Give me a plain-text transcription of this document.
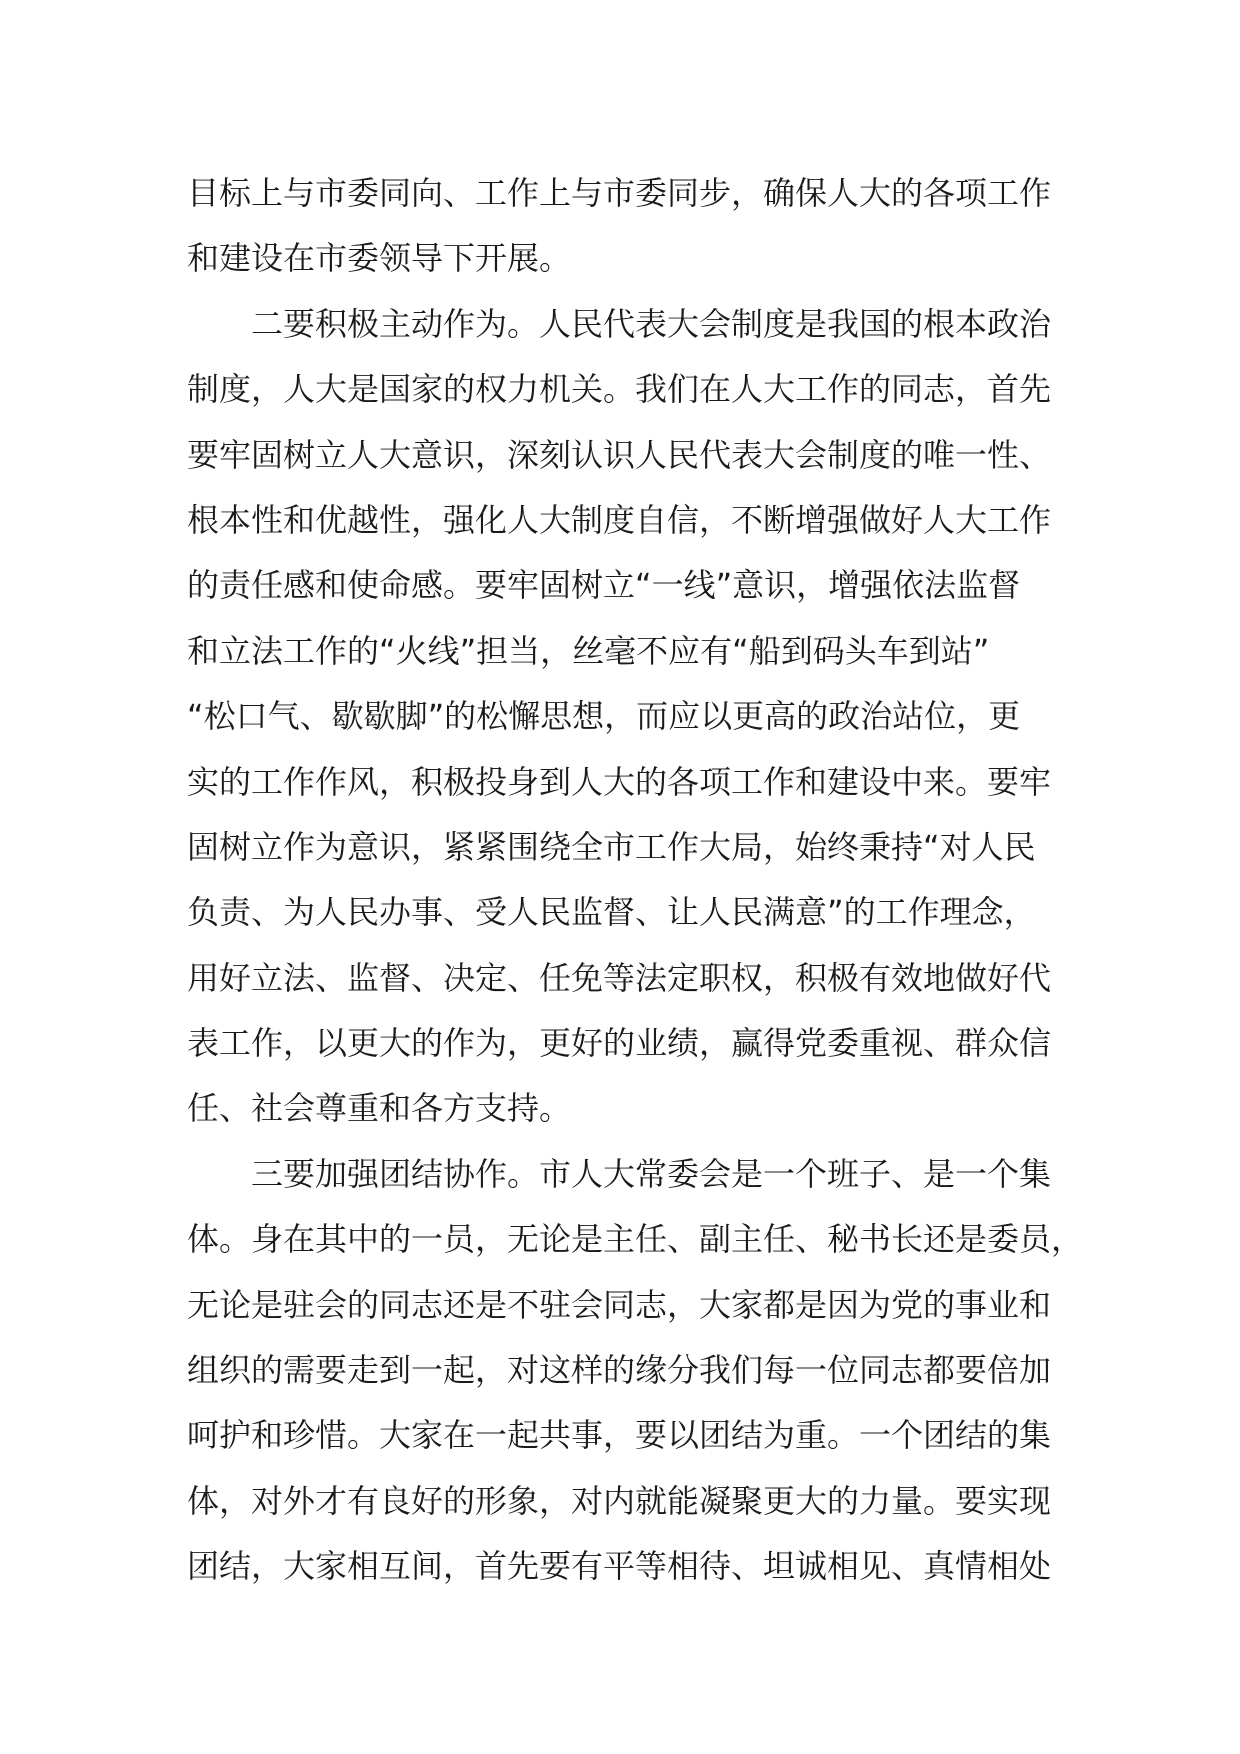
目标上与市委同向、工作上与市委同步，确保人大的各项工作
和建设在市委领导下开展。
　　二要积极主动作为。人民代表大会制度是我国的根本政治
制度，人大是国家的权力机关。我们在人大工作的同志，首先
要牢固树立人大意识，深刻认识人民代表大会制度的唯一性、
根本性和优越性，强化人大制度自信，不断增强做好人大工作
的责任感和使命感。要牢固树立“一线”意识，增强依法监督
和立法工作的“火线”担当，丝毫不应有“船到码头车到站”
“松口气、歇歇脚”的松懈思想，而应以更高的政治站位，更
实的工作作风，积极投身到人大的各项工作和建设中来。要牢
固树立作为意识，紧紧围绕全市工作大局，始终秉持“对人民
负责、为人民办事、受人民监督、让人民满意”的工作理念，
用好立法、监督、决定、任免等法定职权，积极有效地做好代
表工作，以更大的作为，更好的业绩，赢得党委重视、群众信
任、社会尊重和各方支持。
　　三要加强团结协作。市人大常委会是一个班子、是一个集
体。身在其中的一员，无论是主任、副主任、秘书长还是委员，
无论是驻会的同志还是不驻会同志，大家都是因为党的事业和
组织的需要走到一起，对这样的缘分我们每一位同志都要倍加
呵护和珍惜。大家在一起共事，要以团结为重。一个团结的集
体，对外才有良好的形象，对内就能凝聚更大的力量。要实现
团结，大家相互间，首先要有平等相待、坦诚相见、真情相处
